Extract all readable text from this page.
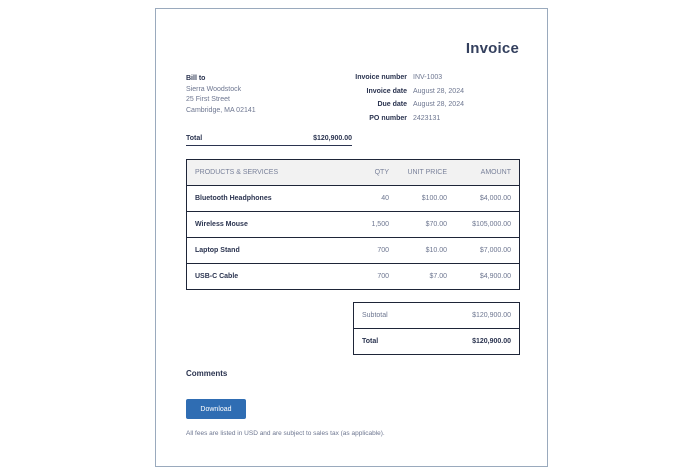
Invoice
Bill to
Sierra Woodstock
25 First Street
Cambridge, MA 02141
Invoice number INV-1003
Invoice date August 28, 2024
Due date August 28, 2024
PO number 2423131
Total	$120,900.00
PRODUCTS & SERVICES	QTY	UNIT PRICE	AMOUNT
Bluetooth Headphones	40	$100.00	$4,000.00
Wireless Mouse	1,500	$70.00	$105,000.00
Laptop Stand	700	$10.00	$7,000.00
USB-C Cable	700	$7.00	$4,900.00
Subtotal	$120,900.00
Total	$120,900.00
Comments
Download
All fees are listed in USD and are subject to sales tax (as applicable).
